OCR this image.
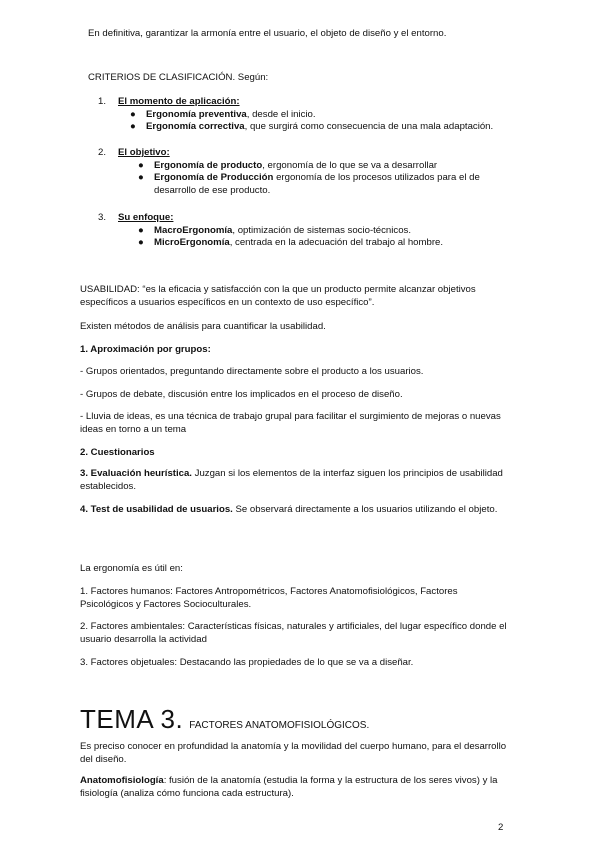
En definitiva, garantizar la armonía entre el usuario, el objeto de diseño y el entorno.

CRITERIOS DE CLASIFICACIÓN. Según:

1.	El momento de aplicación:
● Ergonomía preventiva, desde el inicio.
● Ergonomía correctiva, que surgirá como consecuencia de una mala adaptación.
2.	El objetivo:
● Ergonomía de producto, ergonomía de lo que se va a desarrollar
● Ergonomía de Producción ergonomía de los procesos utilizados para el de desarrollo de ese producto.
3.	Su enfoque:
● MacroErgonomía, optimización de sistemas socio-técnicos.
● MicroErgonomía, centrada en la adecuación del trabajo al hombre.

USABILIDAD: “es la eficacia y satisfacción con la que un producto permite alcanzar objetivos específicos a usuarios específicos en un contexto de uso específico”.

Existen métodos de análisis para cuantificar la usabilidad.

1. Aproximación por grupos:

- Grupos orientados, preguntando directamente sobre el producto a los usuarios.

- Grupos de debate, discusión entre los implicados en el proceso de diseño.

- Lluvia de ideas, es una técnica de trabajo grupal para facilitar el surgimiento de mejoras o nuevas ideas en torno a un tema

2. Cuestionarios

3. Evaluación heurística. Juzgan si los elementos de la interfaz siguen los principios de usabilidad establecidos.

4. Test de usabilidad de usuarios. Se observará directamente a los usuarios utilizando el objeto.

La ergonomía es útil en:

1. Factores humanos: Factores Antropométricos, Factores Anatomofisiológicos, Factores Psicológicos y Factores Socioculturales.

2. Factores ambientales: Características físicas, naturales y artificiales, del lugar específico donde el usuario desarrolla la actividad

3. Factores objetuales: Destacando las propiedades de lo que se va a diseñar.

TEMA 3. FACTORES ANATOMOFISIOLÓGICOS.

Es preciso conocer en profundidad la anatomía y la movilidad del cuerpo humano, para el desarrollo del diseño.

Anatomofisiología: fusión de la anatomía (estudia la forma y la estructura de los seres vivos) y la fisiología (analiza cómo funciona cada estructura).

2
